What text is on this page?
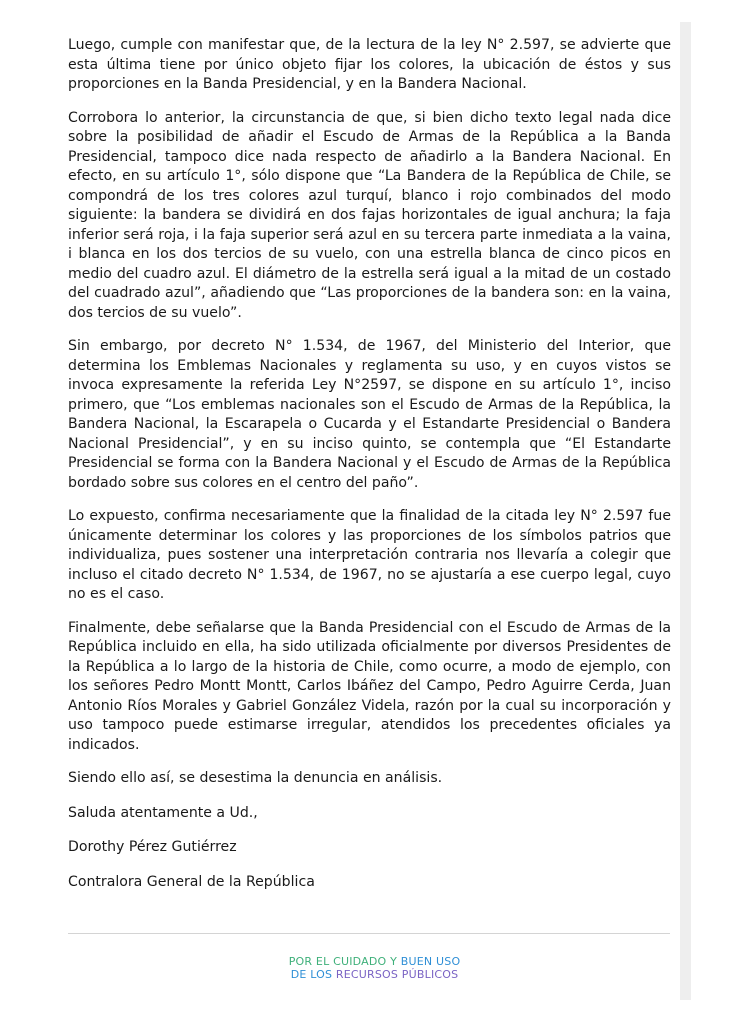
Luego, cumple con manifestar que, de la lectura de la ley N° 2.597, se advierte que esta última tiene por único objeto fijar los colores, la ubicación de éstos y sus proporciones en la Banda Presidencial, y en la Bandera Nacional.

Corrobora lo anterior, la circunstancia de que, si bien dicho texto legal nada dice sobre la posibilidad de añadir el Escudo de Armas de la República a la Banda Presidencial, tampoco dice nada respecto de añadirlo a la Bandera Nacional. En efecto, en su artículo 1°, sólo dispone que “La Bandera de la República de Chile, se compondrá de los tres colores azul turquí, blanco i rojo combinados del modo siguiente: la bandera se dividirá en dos fajas horizontales de igual anchura; la faja inferior será roja, i la faja superior será azul en su tercera parte inmediata a la vaina, i blanca en los dos tercios de su vuelo, con una estrella blanca de cinco picos en medio del cuadro azul. El diámetro de la estrella será igual a la mitad de un costado del cuadrado azul”, añadiendo que “Las proporciones de la bandera son: en la vaina, dos tercios de su vuelo”.

Sin embargo, por decreto N° 1.534, de 1967, del Ministerio del Interior, que determina los Emblemas Nacionales y reglamenta su uso, y en cuyos vistos se invoca expresamente la referida Ley N°2597, se dispone en su artículo 1°, inciso primero, que “Los emblemas nacionales son el Escudo de Armas de la República, la Bandera Nacional, la Escarapela o Cucarda y el Estandarte Presidencial o Bandera Nacional Presidencial”, y en su inciso quinto, se contempla que “El Estandarte Presidencial se forma con la Bandera Nacional y el Escudo de Armas de la República bordado sobre sus colores en el centro del paño”.

Lo expuesto, confirma necesariamente que la finalidad de la citada ley N° 2.597 fue únicamente determinar los colores y las proporciones de los símbolos patrios que individualiza, pues sostener una interpretación contraria nos llevaría a colegir que incluso el citado decreto N° 1.534, de 1967, no se ajustaría a ese cuerpo legal, cuyo no es el caso.

Finalmente, debe señalarse que la Banda Presidencial con el Escudo de Armas de la República incluido en ella, ha sido utilizada oficialmente por diversos Presidentes de la República a lo largo de la historia de Chile, como ocurre, a modo de ejemplo, con los señores Pedro Montt Montt, Carlos Ibáñez del Campo, Pedro Aguirre Cerda, Juan Antonio Ríos Morales y Gabriel González Videla, razón por la cual su incorporación y uso tampoco puede estimarse irregular, atendidos los precedentes oficiales ya indicados.

Siendo ello así, se desestima la denuncia en análisis.

Saluda atentamente a Ud.,

Dorothy Pérez Gutiérrez

Contralora General de la República

POR EL CUIDADO Y BUEN USO
DE LOS RECURSOS PÚBLICOS
